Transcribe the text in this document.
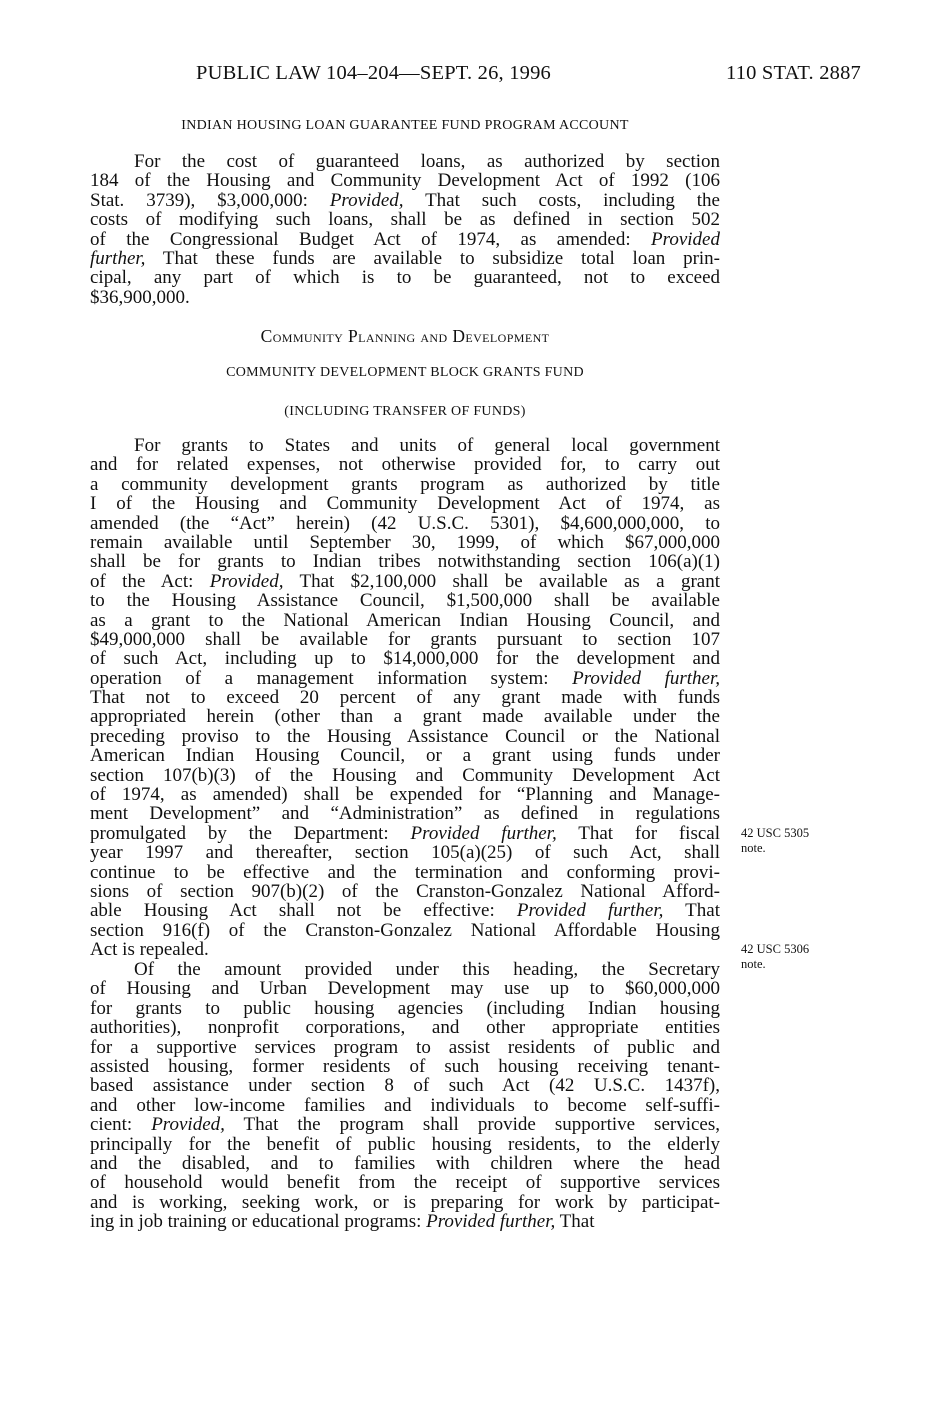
PUBLIC LAW 104–204—SEPT. 26, 1996	110 STAT. 2887
INDIAN HOUSING LOAN GUARANTEE FUND PROGRAM ACCOUNT
For the cost of guaranteed loans, as authorized by section
184 of the Housing and Community Development Act of 1992 (106
Stat. 3739), $3,000,000: Provided, That such costs, including the
costs of modifying such loans, shall be as defined in section 502
of the Congressional Budget Act of 1974, as amended: Provided
further, That these funds are available to subsidize total loan prin-
cipal, any part of which is to be guaranteed, not to exceed
$36,900,000.
Community Planning and Development
COMMUNITY DEVELOPMENT BLOCK GRANTS FUND
(INCLUDING TRANSFER OF FUNDS)
For grants to States and units of general local government
and for related expenses, not otherwise provided for, to carry out
a community development grants program as authorized by title
I of the Housing and Community Development Act of 1974, as
amended (the “Act” herein) (42 U.S.C. 5301), $4,600,000,000, to
remain available until September 30, 1999, of which $67,000,000
shall be for grants to Indian tribes notwithstanding section 106(a)(1)
of the Act: Provided, That $2,100,000 shall be available as a grant
to the Housing Assistance Council, $1,500,000 shall be available
as a grant to the National American Indian Housing Council, and
$49,000,000 shall be available for grants pursuant to section 107
of such Act, including up to $14,000,000 for the development and
operation of a management information system: Provided further,
That not to exceed 20 percent of any grant made with funds
appropriated herein (other than a grant made available under the
preceding proviso to the Housing Assistance Council or the National
American Indian Housing Council, or a grant using funds under
section 107(b)(3) of the Housing and Community Development Act
of 1974, as amended) shall be expended for “Planning and Manage-
ment Development” and “Administration” as defined in regulations
promulgated by the Department: Provided further, That for fiscal
year 1997 and thereafter, section 105(a)(25) of such Act, shall
continue to be effective and the termination and conforming provi-
sions of section 907(b)(2) of the Cranston-Gonzalez National Afford-
able Housing Act shall not be effective: Provided further, That
section 916(f) of the Cranston-Gonzalez National Affordable Housing
Act is repealed.
Of the amount provided under this heading, the Secretary
of Housing and Urban Development may use up to $60,000,000
for grants to public housing agencies (including Indian housing
authorities), nonprofit corporations, and other appropriate entities
for a supportive services program to assist residents of public and
assisted housing, former residents of such housing receiving tenant-
based assistance under section 8 of such Act (42 U.S.C. 1437f),
and other low-income families and individuals to become self-suffi-
cient: Provided, That the program shall provide supportive services,
principally for the benefit of public housing residents, to the elderly
and the disabled, and to families with children where the head
of household would benefit from the receipt of supportive services
and is working, seeking work, or is preparing for work by participat-
ing in job training or educational programs: Provided further, That
42 USC 5305
note.
42 USC 5306
note.
